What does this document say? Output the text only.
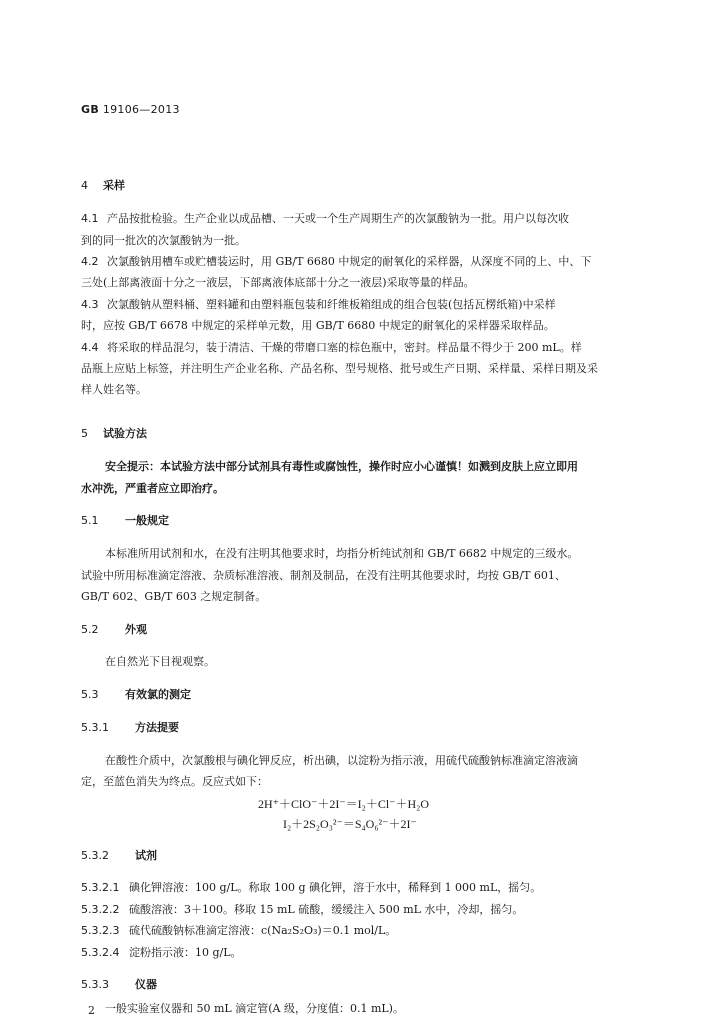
GB 19106—2013
4 采样
4.1 产品按批检验。生产企业以成品槽、一天或一个生产周期生产的次氯酸钠为一批。用户以每次收
到的同一批次的次氯酸钠为一批。
4.2 次氯酸钠用槽车或贮槽装运时，用 GB/T 6680 中规定的耐氧化的采样器，从深度不同的上、中、下
三处(上部离液面十分之一液层，下部离液体底部十分之一液层)采取等量的样品。
4.3 次氯酸钠从塑料桶、塑料罐和由塑料瓶包装和纤维板箱组成的组合包装(包括瓦楞纸箱)中采样
时，应按 GB/T 6678 中规定的采样单元数，用 GB/T 6680 中规定的耐氧化的采样器采取样品。
4.4 将采取的样品混匀，装于清洁、干燥的带磨口塞的棕色瓶中，密封。样品量不得少于 200 mL。样
品瓶上应贴上标签，并注明生产企业名称、产品名称、型号规格、批号或生产日期、采样量、采样日期及采
样人姓名等。
5 试验方法
安全提示：本试验方法中部分试剂具有毒性或腐蚀性，操作时应小心谨慎！如溅到皮肤上应立即用
水冲洗，严重者应立即治疗。
5.1 一般规定
本标准所用试剂和水，在没有注明其他要求时，均指分析纯试剂和 GB/T 6682 中规定的三级水。
试验中所用标准滴定溶液、杂质标准溶液、制剂及制品，在没有注明其他要求时，均按 GB/T 601、
GB/T 602、GB/T 603 之规定制备。
5.2 外观
在自然光下目视观察。
5.3 有效氯的测定
5.3.1 方法提要
在酸性介质中，次氯酸根与碘化钾反应，析出碘，以淀粉为指示液，用硫代硫酸钠标准滴定溶液滴
定，至蓝色消失为终点。反应式如下：
2H⁺＋ClO⁻＋2I⁻＝I₂＋Cl⁻＋H₂O
I₂＋2S₂O₃²⁻＝S₄O₆²⁻＋2I⁻
5.3.2 试剂
5.3.2.1 碘化钾溶液：100 g/L。称取 100 g 碘化钾，溶于水中，稀释到 1 000 mL，摇匀。
5.3.2.2 硫酸溶液：3＋100。移取 15 mL 硫酸，缓缓注入 500 mL 水中，冷却，摇匀。
5.3.2.3 硫代硫酸钠标准滴定溶液：c(Na₂S₂O₃)＝0.1 mol/L。
5.3.2.4 淀粉指示液：10 g/L。
5.3.3 仪器
一般实验室仪器和 50 mL 滴定管(A 级，分度值：0.1 mL)。
2
